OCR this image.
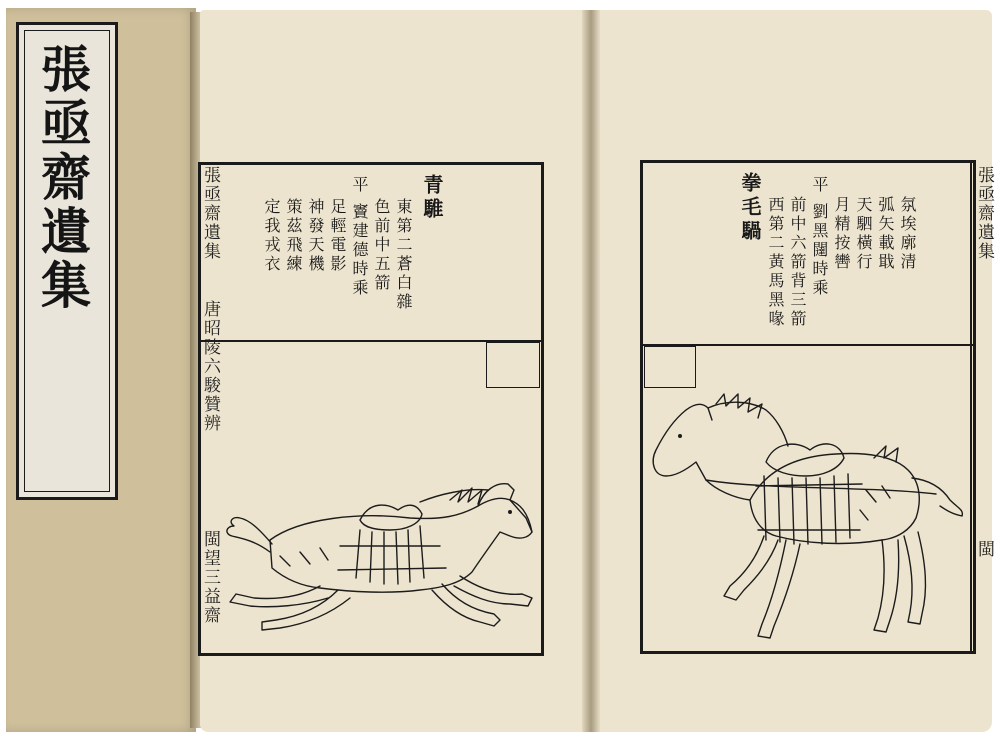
張亟齋遺集	張亟齋遺集
唐昭陵六駿贊辨
閩望三益齋
青騅
東第二蒼白雜
色前中五箭
平 竇建德時乘
足輕電影
神發天機
策茲飛練
定我戎衣	張亟齋遺集
閩
拳毛騧 西第二黃馬黑喙 前中六箭背三箭 平 劉黑闥時乘 月精按轡 天駟橫行 弧矢載戢 氛埃廓清
